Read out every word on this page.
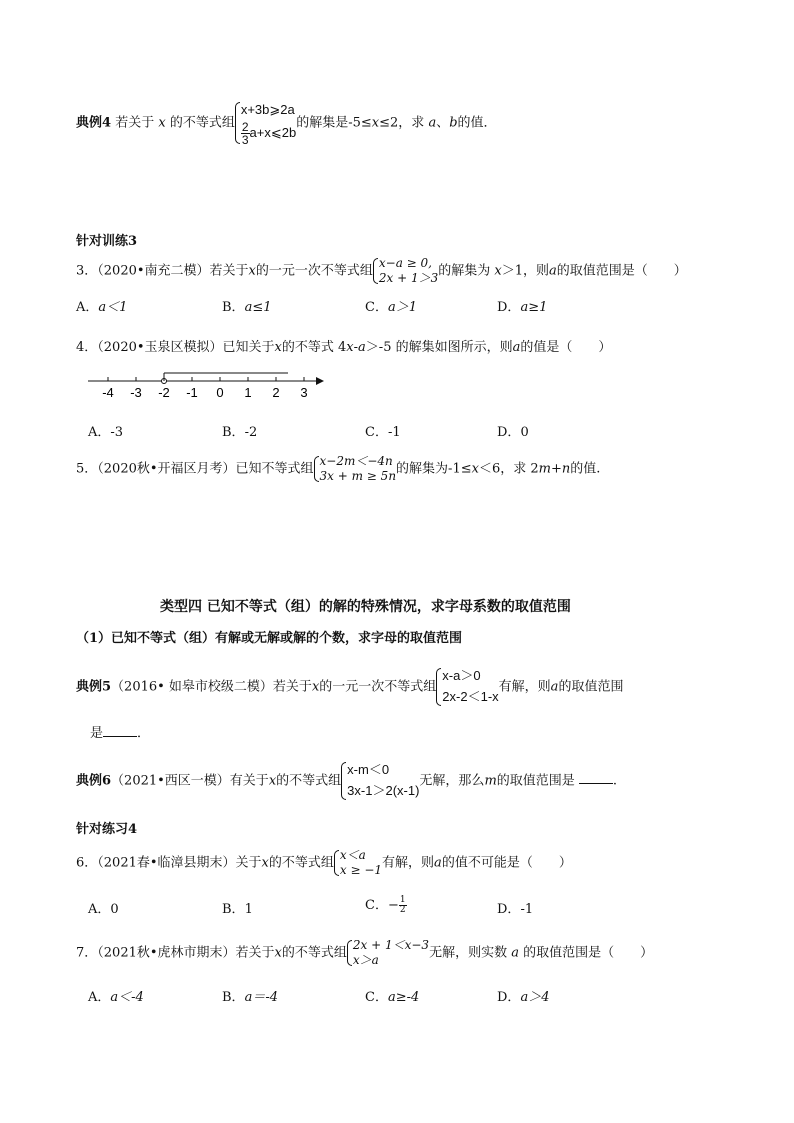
典例4 若关于 x 的不等式组
x+3b⩾2a
$\frac{2}{3}$ a+x⩽2b
的解集是-5≤x≤2，求 a、b的值．
针对训练3
3．（2020•南充二模）若关于x的一元一次不等式组
x−a ≥ 0,
2x + 1＞3 的解集为 x＞1，则a的取值范围是（　　）
A．a＜1	B．a≤1	C．a＞1	D．a≥1
4．（2020•玉泉区模拟）已知关于x的不等式 4x-a＞-5 的解集如图所示，则a的值是（　　）
-4 -3 -2 -1 0 1 2 3
A．-3	B．-2	C．-1	D．0
5．（2020秋•开福区月考）已知不等式组
x−2m＜−4n
3x + m ≥ 5n 的解集为-1≤x＜6，求 2m+n的值.
类型四 已知不等式（组）的解的特殊情况，求字母系数的取值范围
（1）已知不等式（组）有解或无解或解的个数，求字母的取值范围
典例5（2016• 如皋市校级二模）若关于x的一元一次不等式组
x-a＞0
2x-2＜1-x
有解，则a的取值范围
是	．
典例6（2021•西区一模）有关于x的不等式组
x-m＜0
3x-1＞2(x-1)
无解，那么m的取值范围是	.
针对练习4
6．（2021春•临漳县期末）关于x的不等式组
x＜a
x ≥ −1 有解，则a的值不可能是（　　）
A．0	B．1	C．− $\frac{1}{2}$	D．-1
7．（2021秋•虎林市期末）若关于x的不等式组
2x + 1＜x−3
x＞a	无解，则实数 a 的取值范围是（　　）
A．a＜-4	B．a＝-4	C．a≥-4	D．a＞4
